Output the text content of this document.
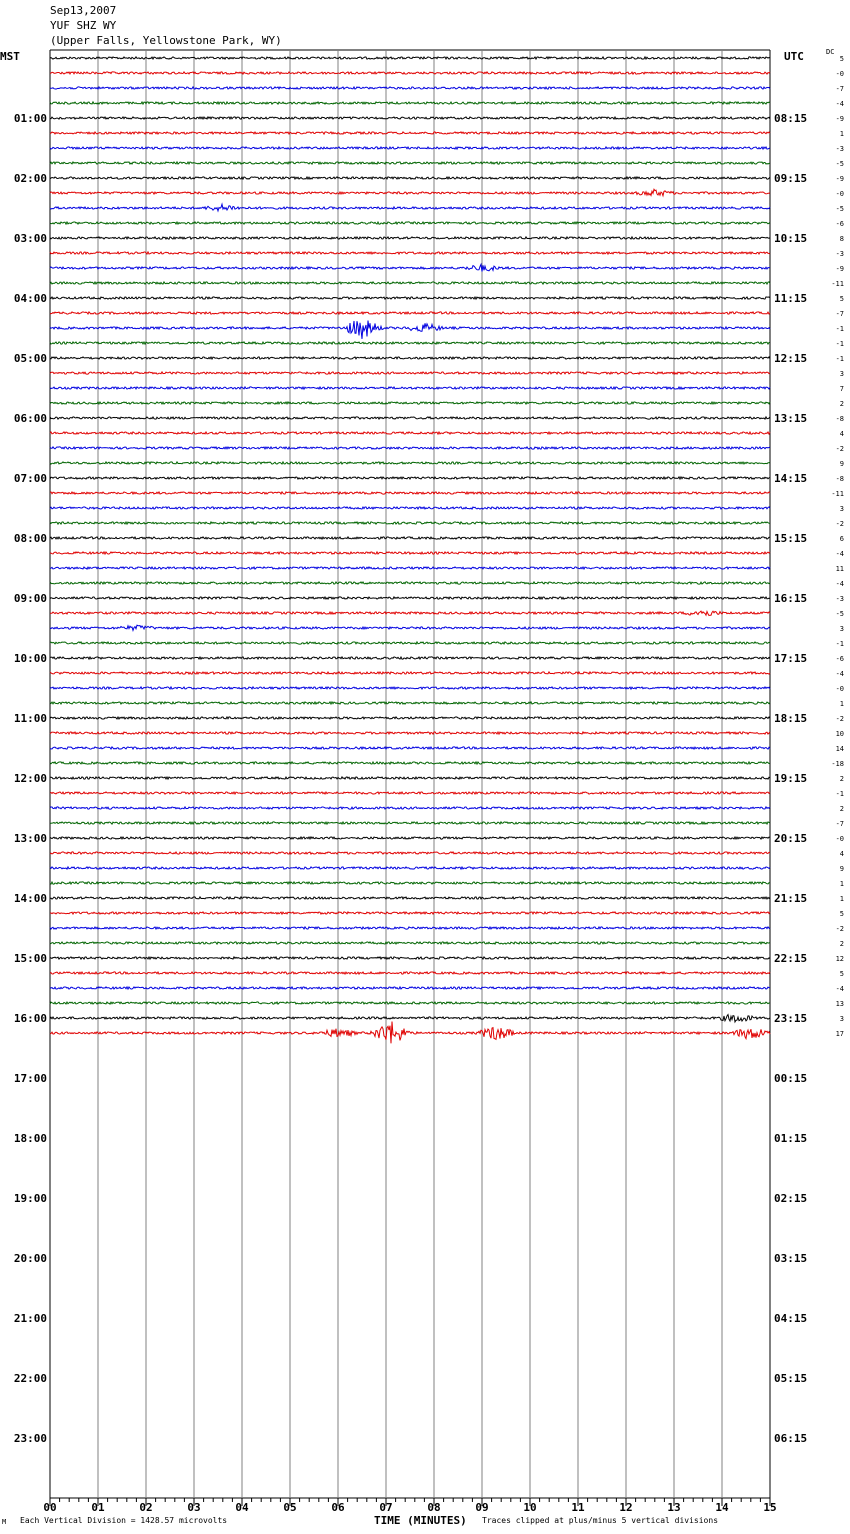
Sep13,2007
YUF SHZ WY
(Upper Falls, Yellowstone Park, WY)
MST	UTC	DC
00	01	02	03	04	05	06	07	08	09	10	11	12	13	14	15
01:00	08:15
02:00	09:15
03:00	10:15
04:00	11:15
05:00	12:15
06:00	13:15
07:00	14:15
08:00	15:15
09:00	16:15
10:00	17:15
11:00	18:15
12:00	19:15
13:00	20:15
14:00	21:15
15:00	22:15
16:00	23:15
17:00	00:15
18:00	01:15
19:00	02:15
20:00	03:15
21:00	04:15
22:00	05:15
23:00	06:15
5
-0
-7
-4
-9
1
-3
-5
-9
-0
-5
-6
8
-3
-9
-11
5
-7
-1
-1
-1
3
7
2
-8
4
-2
9
-8
-11
3
-2
6
-4
11
-4
-3
-5
3
-1
-6
-4
-0
1
-2
10
14
-18
2
-1
2
-7
-0
4
9
1
1
5
-2
2
12
5
-4
13
3
17
M Each Vertical Division = 1428.57 microvolts	TIME (MINUTES) Traces clipped at plus/minus 5 vertical divisions
